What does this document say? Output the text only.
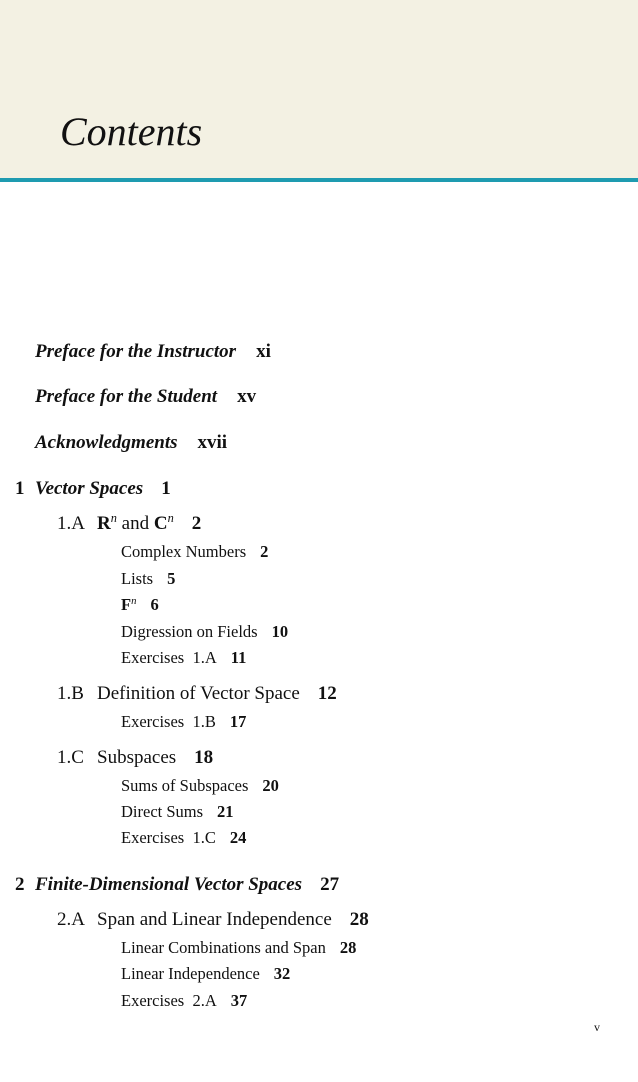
Contents
Preface for the Instructor xi
Preface for the Student xv
Acknowledgments xvii
1 Vector Spaces 1
1.A $R^n$ and $C^n$ 2
Complex Numbers 2
Lists 5
$F^n$ 6
Digression on Fields 10
Exercises  1.A 11
1.B Definition of Vector Space 12
Exercises  1.B 17
1.C Subspaces 18
Sums of Subspaces 20
Direct Sums 21
Exercises  1.C 24
2 Finite-Dimensional Vector Spaces 27
2.A Span and Linear Independence 28
Linear Combinations and Span 28
Linear Independence 32
Exercises  2.A 37
v
